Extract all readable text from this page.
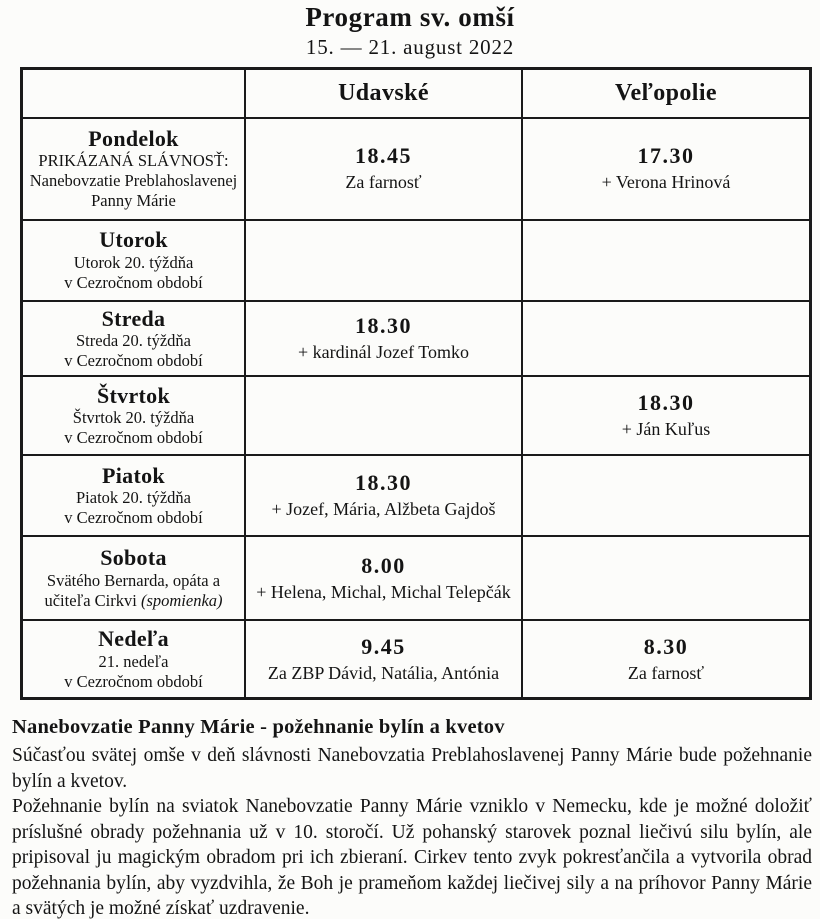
Program sv. omší
15. — 21. august 2022
Udavské	Veľopolie
Pondelok
PRIKÁZANÁ SLÁVNOSŤ:
Nanebovzatie Preblahoslavenej
Panny Márie
18.45
Za farnosť
17.30
+ Verona Hrinová
Utorok
Utorok 20. týždňa
v Cezročnom období
Streda
Streda 20. týždňa
v Cezročnom období
18.30
+ kardinál Jozef Tomko
Štvrtok
Štvrtok 20. týždňa
v Cezročnom období
18.30
+ Ján Kuľus
Piatok
Piatok 20. týždňa
v Cezročnom období
18.30
+ Jozef, Mária, Alžbeta Gajdoš
Sobota
Svätého Bernarda, opáta a
učiteľa Cirkvi (spomienka)
8.00
+ Helena, Michal, Michal Telepčák
Nedeľa
21. nedeľa
v Cezročnom období
9.45
Za ZBP Dávid, Natália, Antónia
8.30
Za farnosť
Nanebovzatie Panny Márie - požehnanie bylín a kvetov

Súčasťou svätej omše v deň slávnosti Nanebovzatia Preblahoslavenej Panny Márie bude požehnanie bylín a kvetov.

Požehnanie bylín na sviatok Nanebovzatie Panny Márie vzniklo v Nemecku, kde je možné doložiť príslušné obrady požehnania už v 10. storočí. Už pohanský starovek poznal liečivú silu bylín, ale pripisoval ju magickým obradom pri ich zbieraní. Cirkev tento zvyk pokresťančila a vytvorila obrad požehnania bylín, aby vyzdvihla, že Boh je prameňom každej liečivej sily a na príhovor Panny Márie a svätých je možné získať uzdravenie.
